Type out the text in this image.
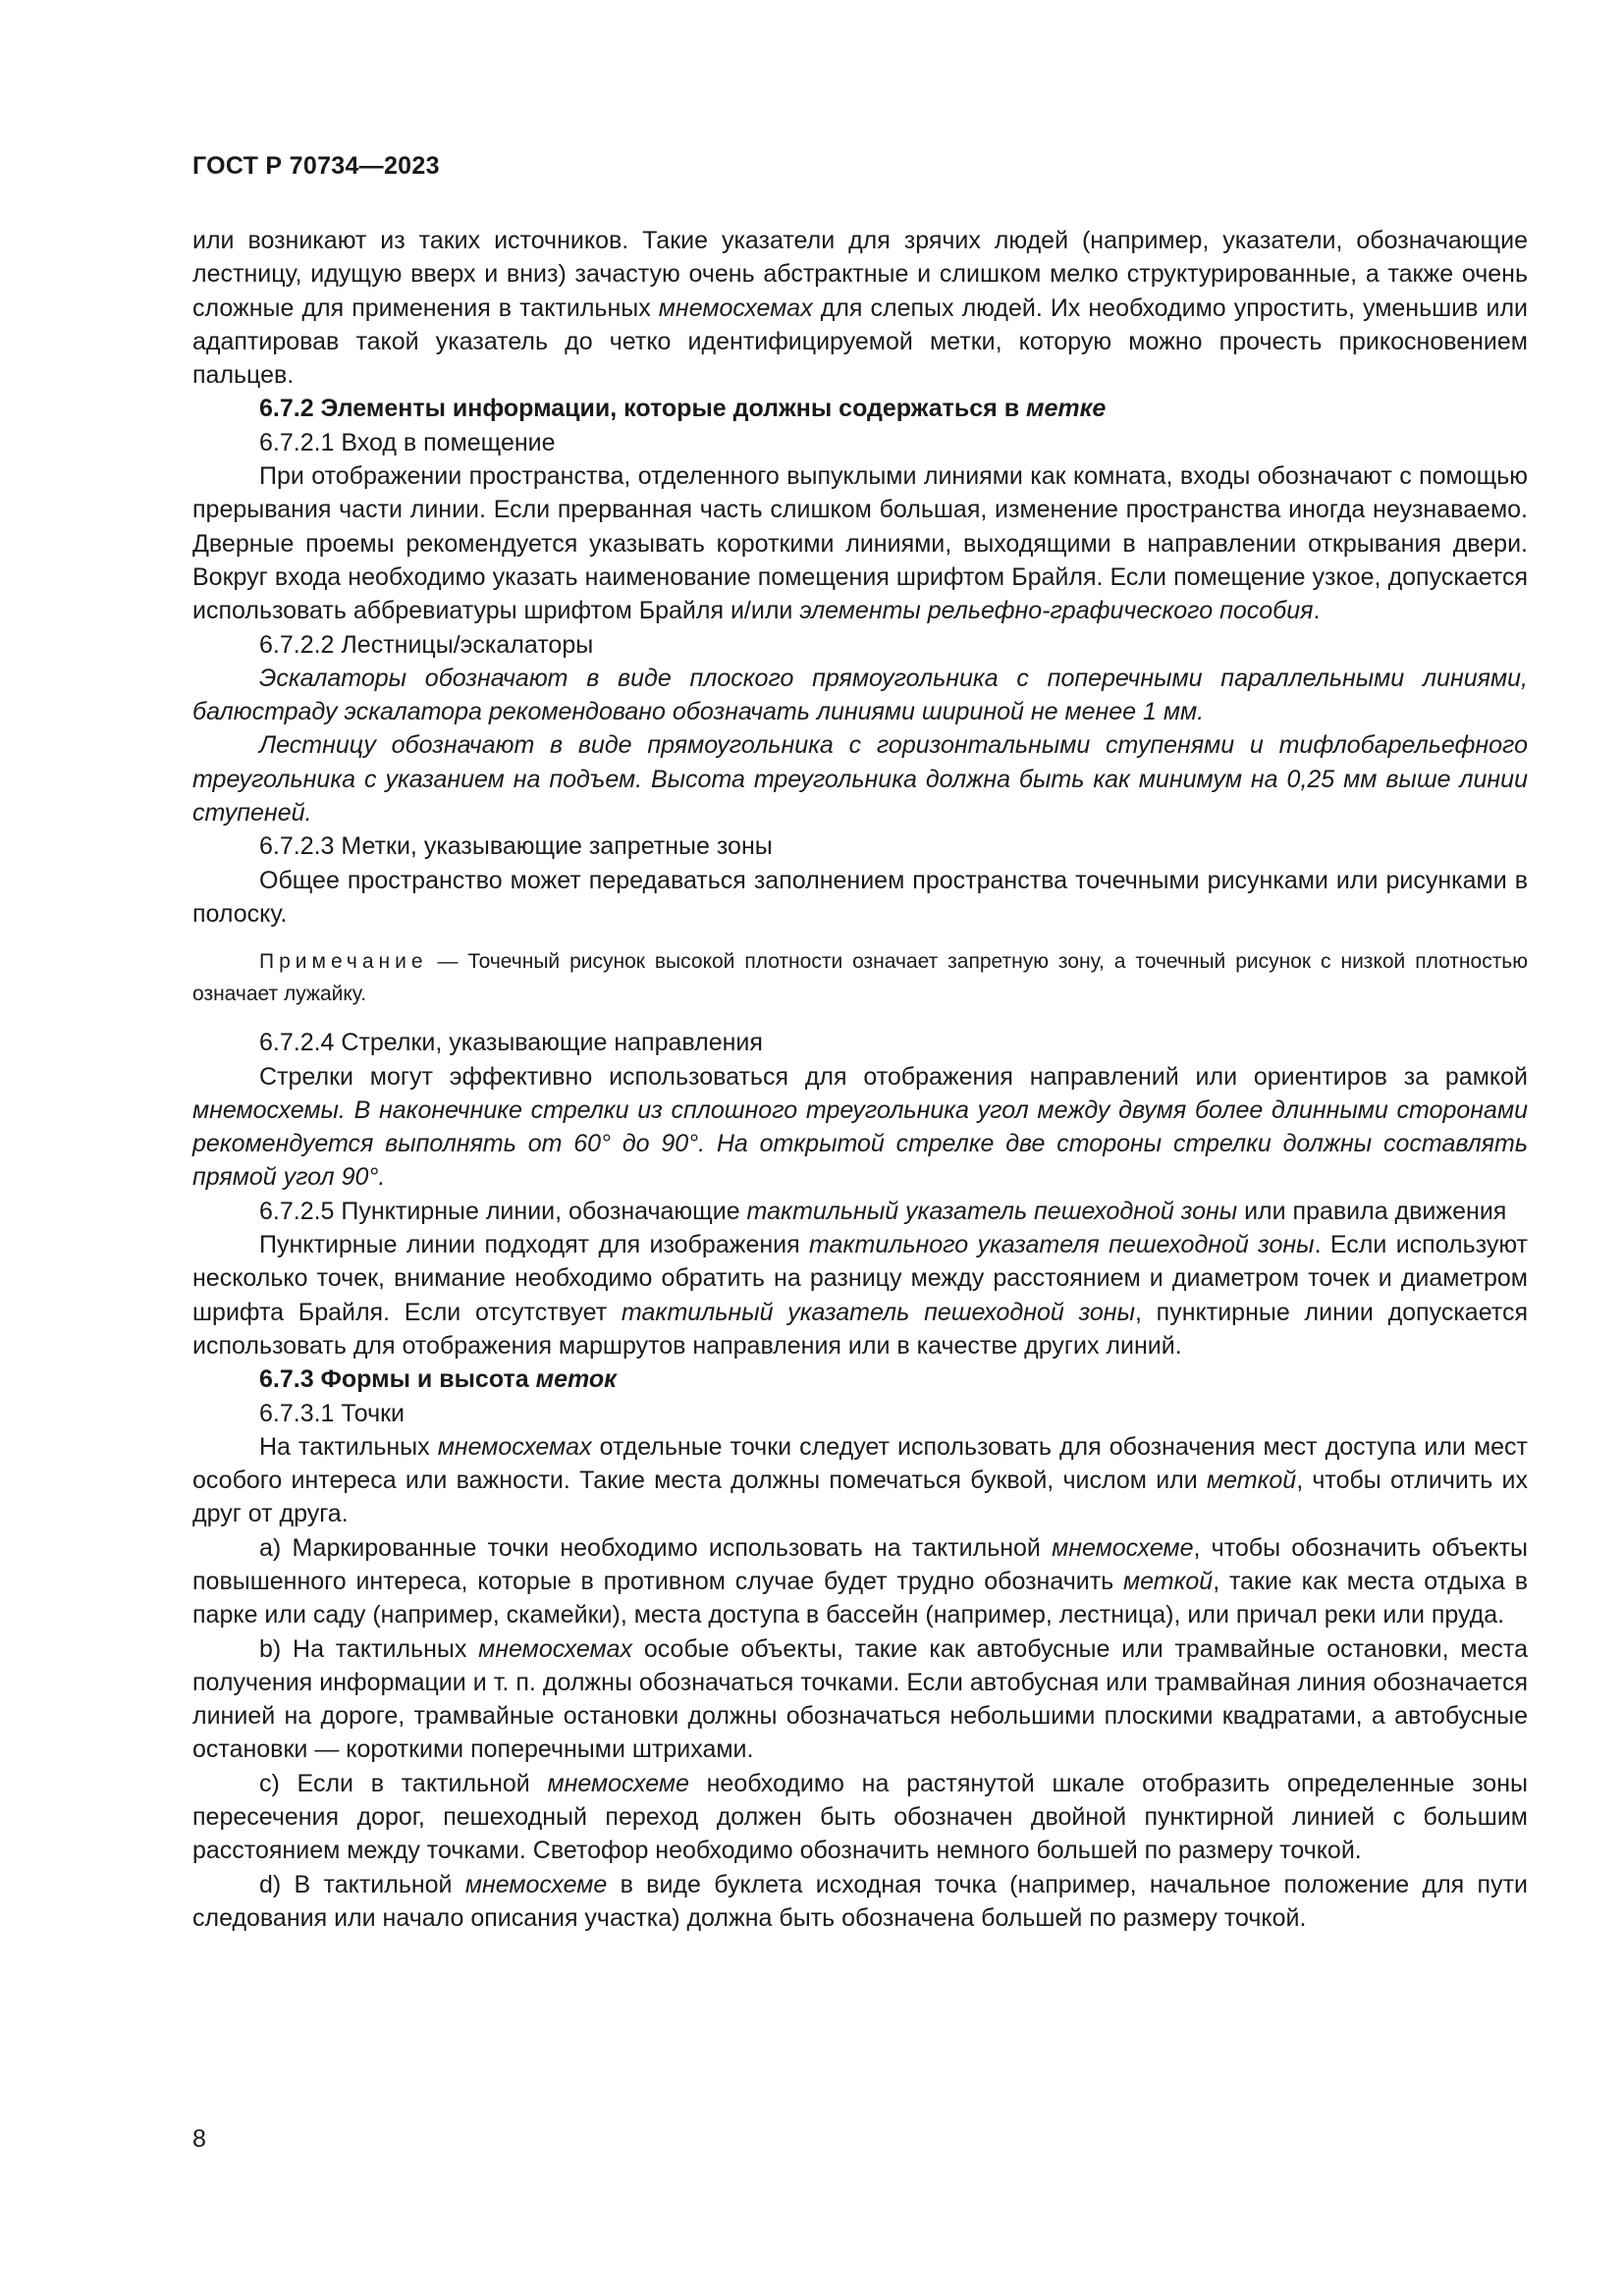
ГОСТ Р 70734—2023

или возникают из таких источников. Такие указатели для зрячих людей (например, указатели, обозначающие лестницу, идущую вверх и вниз) зачастую очень абстрактные и слишком мелко структурированные, а также очень сложные для применения в тактильных мнемосхемах для слепых людей. Их необходимо упростить, уменьшив или адаптировав такой указатель до четко идентифицируемой метки, которую можно прочесть прикосновением пальцев.

6.7.2 Элементы информации, которые должны содержаться в метке

6.7.2.1 Вход в помещение

При отображении пространства, отделенного выпуклыми линиями как комната, входы обозначают с помощью прерывания части линии. Если прерванная часть слишком большая, изменение пространства иногда неузнаваемо. Дверные проемы рекомендуется указывать короткими линиями, выходящими в направлении открывания двери. Вокруг входа необходимо указать наименование помещения шрифтом Брайля. Если помещение узкое, допускается использовать аббревиатуры шрифтом Брайля и/или элементы рельефно-графического пособия.

6.7.2.2 Лестницы/эскалаторы

Эскалаторы обозначают в виде плоского прямоугольника с поперечными параллельными линиями, балюстраду эскалатора рекомендовано обозначать линиями шириной не менее 1 мм.

Лестницу обозначают в виде прямоугольника с горизонтальными ступенями и тифлобарельефного треугольника с указанием на подъем. Высота треугольника должна быть как минимум на 0,25 мм выше линии ступеней.

6.7.2.3 Метки, указывающие запретные зоны

Общее пространство может передаваться заполнением пространства точечными рисунками или рисунками в полоску.

Примечание — Точечный рисунок высокой плотности означает запретную зону, а точечный рисунок с низкой плотностью означает лужайку.

6.7.2.4 Стрелки, указывающие направления

Стрелки могут эффективно использоваться для отображения направлений или ориентиров за рамкой мнемосхемы. В наконечнике стрелки из сплошного треугольника угол между двумя более длинными сторонами рекомендуется выполнять от 60° до 90°. На открытой стрелке две стороны стрелки должны составлять прямой угол 90°.

6.7.2.5 Пунктирные линии, обозначающие тактильный указатель пешеходной зоны или правила движения

Пунктирные линии подходят для изображения тактильного указателя пешеходной зоны. Если используют несколько точек, внимание необходимо обратить на разницу между расстоянием и диаметром точек и диаметром шрифта Брайля. Если отсутствует тактильный указатель пешеходной зоны, пунктирные линии допускается использовать для отображения маршрутов направления или в качестве других линий.

6.7.3 Формы и высота меток

6.7.3.1 Точки

На тактильных мнемосхемах отдельные точки следует использовать для обозначения мест доступа или мест особого интереса или важности. Такие места должны помечаться буквой, числом или меткой, чтобы отличить их друг от друга.

а) Маркированные точки необходимо использовать на тактильной мнемосхеме, чтобы обозначить объекты повышенного интереса, которые в противном случае будет трудно обозначить меткой, такие как места отдыха в парке или саду (например, скамейки), места доступа в бассейн (например, лестница), или причал реки или пруда.

b) На тактильных мнемосхемах особые объекты, такие как автобусные или трамвайные остановки, места получения информации и т. п. должны обозначаться точками. Если автобусная или трамвайная линия обозначается линией на дороге, трамвайные остановки должны обозначаться небольшими плоскими квадратами, а автобусные остановки — короткими поперечными штрихами.

с) Если в тактильной мнемосхеме необходимо на растянутой шкале отобразить определенные зоны пересечения дорог, пешеходный переход должен быть обозначен двойной пунктирной линией с большим расстоянием между точками. Светофор необходимо обозначить немного большей по размеру точкой.

d) В тактильной мнемосхеме в виде буклета исходная точка (например, начальное положение для пути следования или начало описания участка) должна быть обозначена большей по размеру точкой.

8
